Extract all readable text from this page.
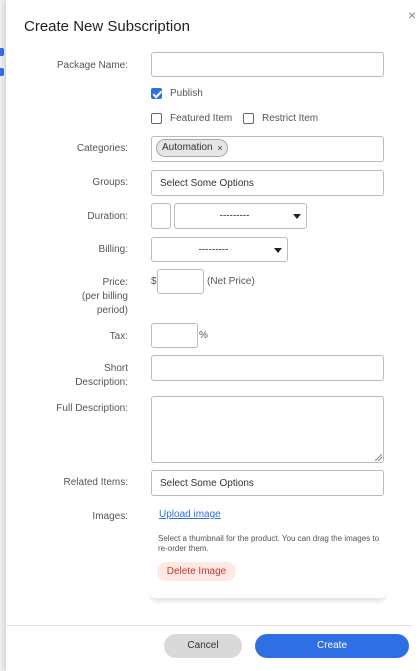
Create New Subscription
×
Package Name:
Publish
Featured Item	Restrict Item
Categories:	Automation ×
Groups:	Select Some Options
Duration:	---------
Billing:	---------
Price:
(per billing
period)
$	(Net Price)
Tax:	%
Short
Description:
Full Description:
Related Items:	Select Some Options
Images:	Upload image
Select a thumbnail for the product. You can drag the images to re-order them.
Delete Image
Cancel	Create
